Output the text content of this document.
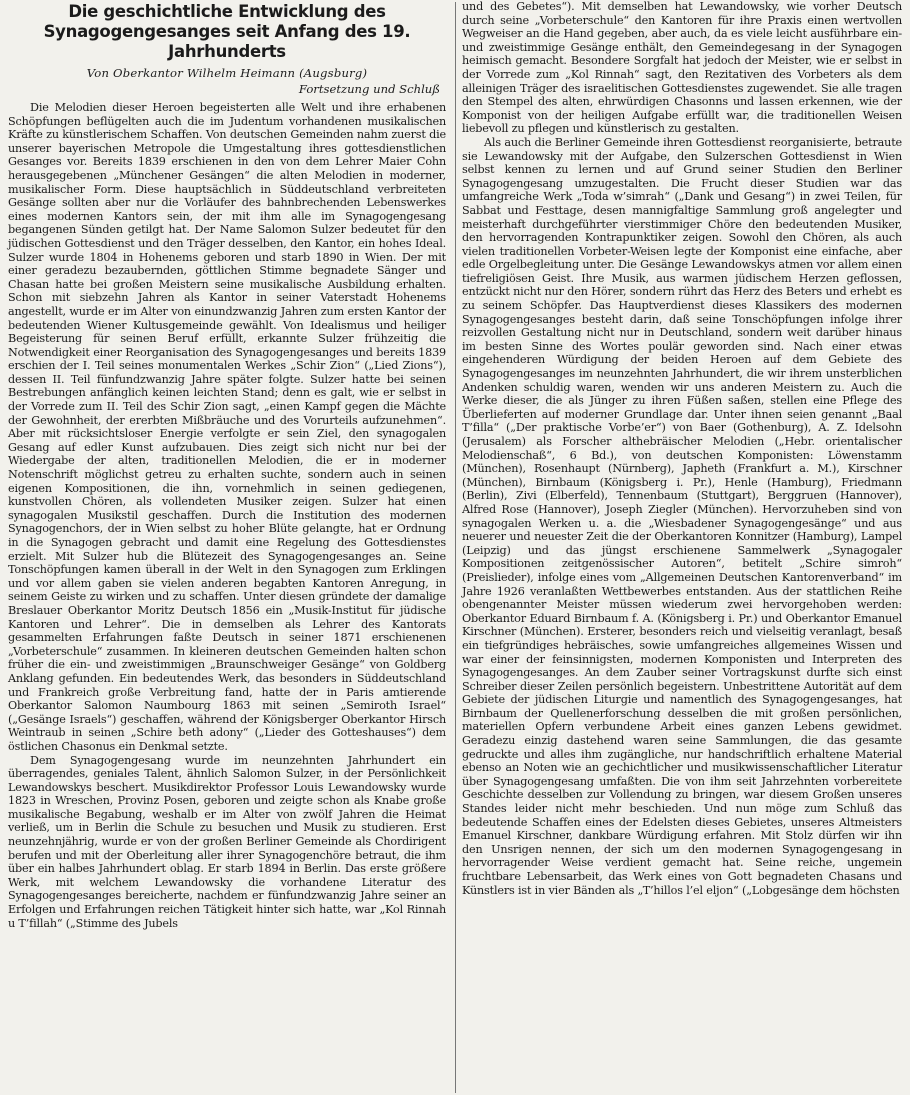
Die geschichtliche Entwicklung des Synagogengesanges seit Anfang des 19. Jahrhunderts
Von Oberkantor Wilhelm Heimann (Augsburg)
Fortsetzung und Schluß

Die Melodien dieser Heroen begeisterten alle Welt und ihre erhabenen Schöpfungen beflügelten auch die im Judentum vorhandenen musikalischen Kräfte zu künstlerischem Schaffen. Von deutschen Gemeinden nahm zuerst die unserer bayerischen Metropole die Umgestaltung ihres gottesdienstlichen Gesanges vor. Bereits 1839 erschienen in den von dem Lehrer Maier Cohn herausgegebenen „Münchener Gesängen“ die alten Melodien in moderner, musikalischer Form. Diese hauptsächlich in Süddeutschland verbreiteten Gesänge sollten aber nur die Vorläufer des bahnbrechenden Lebenswerkes eines modernen Kantors sein, der mit ihm alle im Synagogengesang begangenen Sünden getilgt hat. Der Name Salomon Sulzer bedeutet für den jüdischen Gottesdienst und den Träger desselben, den Kantor, ein hohes Ideal. Sulzer wurde 1804 in Hohenems geboren und starb 1890 in Wien. Der mit einer geradezu bezaubernden, göttlichen Stimme begnadete Sänger und Chasan hatte bei großen Meistern seine musikalische Ausbildung erhalten. Schon mit siebzehn Jahren als Kantor in seiner Vaterstadt Hohenems angestellt, wurde er im Alter von einundzwanzig Jahren zum ersten Kantor der bedeutenden Wiener Kultusgemeinde gewählt. Von Idealismus und heiliger Begeisterung für seinen Beruf erfüllt, erkannte Sulzer frühzeitig die Notwendigkeit einer Reorganisation des Synagogengesanges und bereits 1839 erschien der I. Teil seines monumentalen Werkes „Schir Zion“ („Lied Zions“), dessen II. Teil fünfundzwanzig Jahre später folgte. Sulzer hatte bei seinen Bestrebungen anfänglich keinen leichten Stand; denn es galt, wie er selbst in der Vorrede zum II. Teil des Schir Zion sagt, „einen Kampf gegen die Mächte der Gewohnheit, der ererbten Mißbräuche und des Vorurteils aufzunehmen“. Aber mit rücksichtsloser Energie verfolgte er sein Ziel, den synagogalen Gesang auf edler Kunst aufzubauen. Dies zeigt sich nicht nur bei der Wiedergabe der alten, traditionellen Melodien, die er in moderner Notenschrift möglichst getreu zu erhalten suchte, sondern auch in seinen eigenen Kompositionen, die ihn, vornehmlich in seinen gediegenen, kunstvollen Chören, als vollendeten Musiker zeigen. Sulzer hat einen synagogalen Musikstil geschaffen. Durch die Institution des modernen Synagogenchors, der in Wien selbst zu hoher Blüte gelangte, hat er Ordnung in die Synagogen gebracht und damit eine Regelung des Gottesdienstes erzielt. Mit Sulzer hub die Blütezeit des Synagogengesanges an. Seine Tonschöpfungen kamen überall in der Welt in den Synagogen zum Erklingen und vor allem gaben sie vielen anderen begabten Kantoren Anregung, in seinem Geiste zu wirken und zu schaffen. Unter diesen gründete der damalige Breslauer Oberkantor Moritz Deutsch 1856 ein „Musik-Institut für jüdische Kantoren und Lehrer“. Die in demselben als Lehrer des Kantorats gesammelten Erfahrungen faßte Deutsch in seiner 1871 erschienenen „Vorbeterschule“ zusammen. In kleineren deutschen Gemeinden halten schon früher die ein- und zweistimmigen „Braunschweiger Gesänge“ von Goldberg Anklang gefunden. Ein bedeutendes Werk, das besonders in Süddeutschland und Frankreich große Verbreitung fand, hatte der in Paris amtierende Oberkantor Salomon Naumbourg 1863 mit seinen „Semiroth Israel“ („Gesänge Israels“) geschaffen, während der Königsberger Oberkantor Hirsch Weintraub in seinen „Schire beth adony“ („Lieder des Gotteshauses“) dem östlichen Chasonus ein Denkmal setzte.

Dem Synagogengesang wurde im neunzehnten Jahrhundert ein überragendes, geniales Talent, ähnlich Salomon Sulzer, in der Persönlichkeit Lewandowskys beschert. Musikdirektor Professor Louis Lewandowsky wurde 1823 in Wreschen, Provinz Posen, geboren und zeigte schon als Knabe große musikalische Begabung, weshalb er im Alter von zwölf Jahren die Heimat verließ, um in Berlin die Schule zu besuchen und Musik zu studieren. Erst neunzehnjährig, wurde er von der großen Berliner Gemeinde als Chordirigent berufen und mit der Oberleitung aller ihrer Synagogenchöre betraut, die ihm über ein halbes Jahrhundert oblag. Er starb 1894 in Berlin. Das erste größere Werk, mit welchem Lewandowsky die vorhandene Literatur des Synagogengesanges bereicherte, nachdem er fünfundzwanzig Jahre seiner an Erfolgen und Erfahrungen reichen Tätigkeit hinter sich hatte, war „Kol Rinnah u T’fillah“ („Stimme des Jubels

und des Gebetes“). Mit demselben hat Lewandowsky, wie vorher Deutsch durch seine „Vorbeterschule“ den Kantoren für ihre Praxis einen wertvollen Wegweiser an die Hand gegeben, aber auch, da es viele leicht ausführbare ein- und zweistimmige Gesänge enthält, den Gemeindegesang in der Synagogen heimisch gemacht. Besondere Sorgfalt hat jedoch der Meister, wie er selbst in der Vorrede zum „Kol Rinnah“ sagt, den Rezitativen des Vorbeters als dem alleinigen Träger des israelitischen Gottesdienstes zugewendet. Sie alle tragen den Stempel des alten, ehrwürdigen Chasonns und lassen erkennen, wie der Komponist von der heiligen Aufgabe erfüllt war, die traditionellen Weisen liebevoll zu pflegen und künstlerisch zu gestalten.

Als auch die Berliner Gemeinde ihren Gottesdienst reorganisierte, betraute sie Lewandowsky mit der Aufgabe, den Sulzerschen Gottesdienst in Wien selbst kennen zu lernen und auf Grund seiner Studien den Berliner Synagogengesang umzugestalten. Die Frucht dieser Studien war das umfangreiche Werk „Toda w’simrah“ („Dank und Gesang“) in zwei Teilen, für Sabbat und Festtage, desen mannigfaltige Sammlung groß angelegter und meisterhaft durchgeführter vierstimmiger Chöre den bedeutenden Musiker, den hervorragenden Kontrapunktiker zeigen. Sowohl den Chören, als auch vielen traditionellen Vorbeter-Weisen legte der Komponist eine einfache, aber edle Orgelbegleitung unter. Die Gesänge Lewandowskys atmen vor allem einen tiefreligiösen Geist. Ihre Musik, aus warmen jüdischem Herzen geflossen, entzückt nicht nur den Hörer, sondern rührt das Herz des Beters und erhebt es zu seinem Schöpfer. Das Hauptverdienst dieses Klassikers des modernen Synagogengesanges besteht darin, daß seine Tonschöpfungen infolge ihrer reizvollen Gestaltung nicht nur in Deutschland, sondern weit darüber hinaus im besten Sinne des Wortes poulär geworden sind. Nach einer etwas eingehenderen Würdigung der beiden Heroen auf dem Gebiete des Synagogengesanges im neunzehnten Jahrhundert, die wir ihrem unsterblichen Andenken schuldig waren, wenden wir uns anderen Meistern zu. Auch die Werke dieser, die als Jünger zu ihren Füßen saßen, stellen eine Pflege des Überlieferten auf moderner Grundlage dar. Unter ihnen seien genannt „Baal T’filla“ („Der praktische Vorbe’er“) von Baer (Gothenburg), A. Z. Idelsohn (Jerusalem) als Forscher althebräischer Melodien („Hebr. orientalischer Melodienschaß“, 6 Bd.), von deutschen Komponisten: Löwenstamm (München), Rosenhaupt (Nürnberg), Japheth (Frankfurt a. M.), Kirschner (München), Birnbaum (Königsberg i. Pr.), Henle (Hamburg), Friedmann (Berlin), Zivi (Elberfeld), Tennenbaum (Stuttgart), Berggruen (Hannover), Alfred Rose (Hannover), Joseph Ziegler (München). Hervorzuheben sind von synagogalen Werken u. a. die „Wiesbadener Synagogengesänge“ und aus neuerer und neuester Zeit die der Oberkantoren Konnitzer (Hamburg), Lampel (Leipzig) und das jüngst erschienene Sammelwerk „Synagogaler Kompositionen zeitgenössischer Autoren“, betitelt „Schire simroh“ (Preislieder), infolge eines vom „Allgemeinen Deutschen Kantorenverband“ im Jahre 1926 veranlaßten Wettbewerbes entstanden. Aus der stattlichen Reihe obengenannter Meister müssen wiederum zwei hervorgehoben werden: Oberkantor Eduard Birnbaum f. A. (Königsberg i. Pr.) und Oberkantor Emanuel Kirschner (München). Ersterer, besonders reich und vielseitig veranlagt, besaß ein tiefgründiges hebräisches, sowie umfangreiches allgemeines Wissen und war einer der feinsinnigsten, modernen Komponisten und Interpreten des Synagogengesanges. An dem Zauber seiner Vortragskunst durfte sich einst Schreiber dieser Zeilen persönlich begeistern. Unbestrittene Autorität auf dem Gebiete der jüdischen Liturgie und namentlich des Synagogengesanges, hat Birnbaum der Quellenerforschung desselben die mit großen persönlichen, materiellen Opfern verbundene Arbeit eines ganzen Lebens gewidmet. Geradezu einzig dastehend waren seine Sammlungen, die das gesamte gedruckte und alles ihm zugängliche, nur handschriftlich erhaltene Material ebenso an Noten wie an gechichtlicher und musikwissenschaftlicher Literatur über Synagogengesang umfaßten. Die von ihm seit Jahrzehnten vorbereitete Geschichte desselben zur Vollendung zu bringen, war diesem Großen unseres Standes leider nicht mehr beschieden. Und nun möge zum Schluß das bedeutende Schaffen eines der Edelsten dieses Gebietes, unseres Altmeisters Emanuel Kirschner, dankbare Würdigung erfahren. Mit Stolz dürfen wir ihn den Unsrigen nennen, der sich um den modernen Synagogengesang in hervorragender Weise verdient gemacht hat. Seine reiche, ungemein fruchtbare Lebensarbeit, das Werk eines von Gott begnadeten Chasans und Künstlers ist in vier Bänden als „T’hillos l’el eljon“ („Lobgesänge dem höchsten
